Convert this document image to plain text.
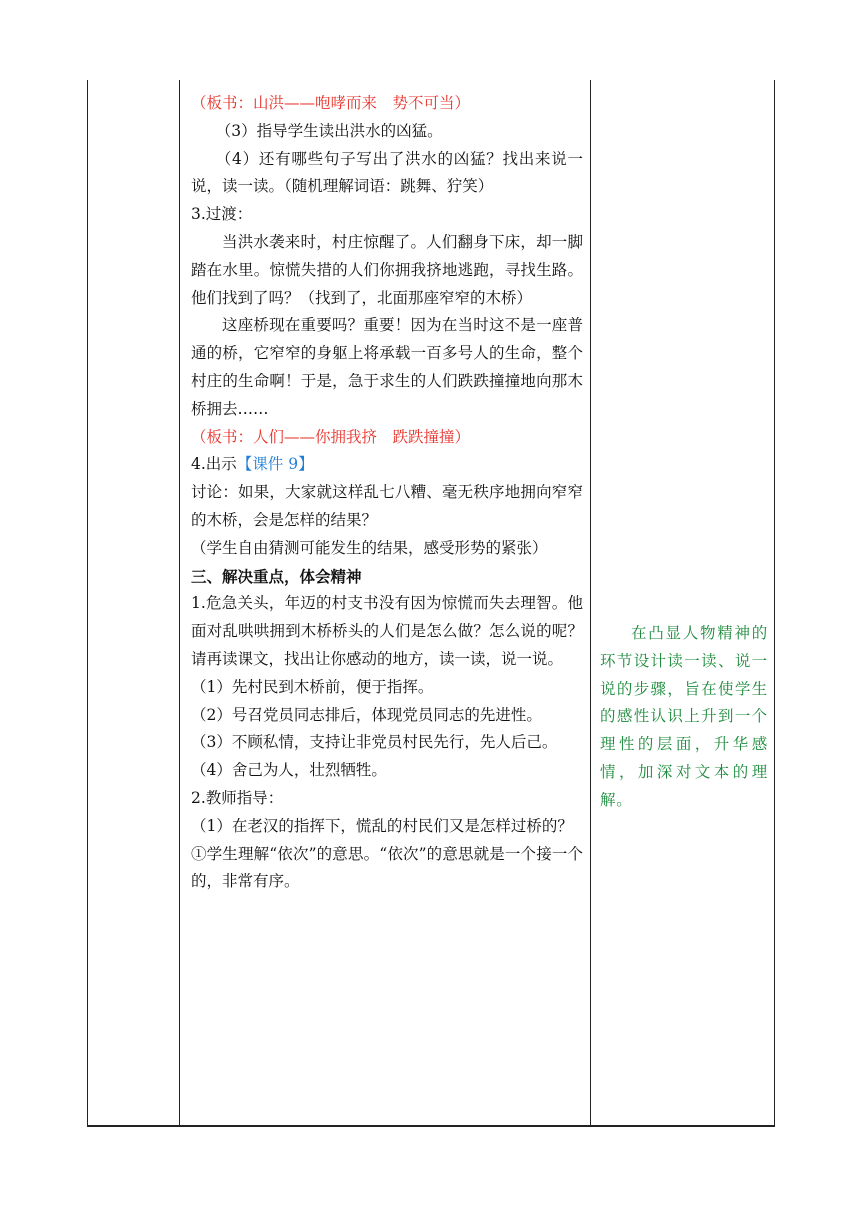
（板书：山洪——咆哮而来　势不可当）

（3）指导学生读出洪水的凶猛。

（4）还有哪些句子写出了洪水的凶猛？找出来说一说，读一读。（随机理解词语：跳舞、狞笑）

3.过渡：

当洪水袭来时，村庄惊醒了。人们翻身下床，却一脚踏在水里。惊慌失措的人们你拥我挤地逃跑，寻找生路。他们找到了吗？（找到了，北面那座窄窄的木桥）

这座桥现在重要吗？重要！因为在当时这不是一座普通的桥，它窄窄的身躯上将承载一百多号人的生命，整个村庄的生命啊！于是，急于求生的人们跌跌撞撞地向那木桥拥去……

（板书：人们——你拥我挤　跌跌撞撞）

4.出示【课件 9】

讨论：如果，大家就这样乱七八糟、毫无秩序地拥向窄窄的木桥，会是怎样的结果？

（学生自由猜测可能发生的结果，感受形势的紧张）

三、解决重点，体会精神

1.危急关头，年迈的村支书没有因为惊慌而失去理智。他面对乱哄哄拥到木桥桥头的人们是怎么做？怎么说的呢？请再读课文，找出让你感动的地方，读一读，说一说。

（1）先村民到木桥前，便于指挥。

（2）号召党员同志排后，体现党员同志的先进性。

（3）不顾私情，支持让非党员村民先行，先人后己。

（4）舍己为人，壮烈牺牲。

2.教师指导：

（1）在老汉的指挥下，慌乱的村民们又是怎样过桥的？

①学生理解“依次”的意思。“依次”的意思就是一个接一个的，非常有序。

在凸显人物精神的环节设计读一读、说一说的步骤，旨在使学生的感性认识上升到一个理性的层面，升华感情，加深对文本的理解。
